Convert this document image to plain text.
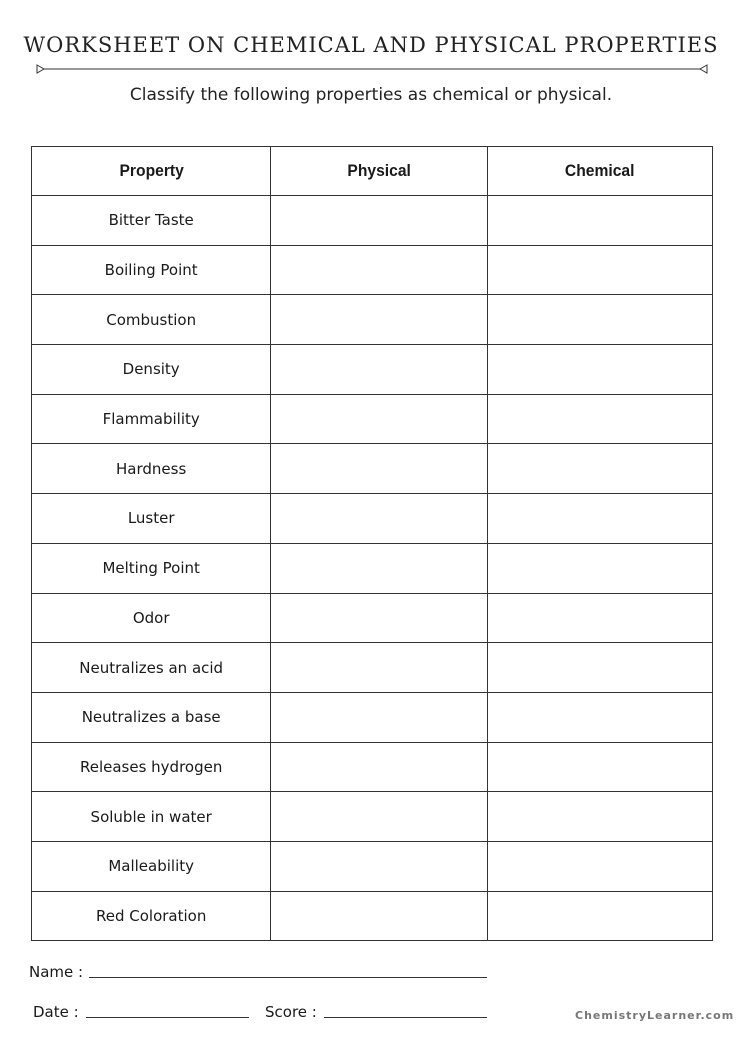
WORKSHEET ON CHEMICAL AND PHYSICAL PROPERTIES
Classify the following properties as chemical or physical.
Property	Physical	Chemical
Bitter Taste		
Boiling Point		
Combustion		
Density		
Flammability		
Hardness		
Luster		
Melting Point		
Odor		
Neutralizes an acid		
Neutralizes a base		
Releases hydrogen		
Soluble in water		
Malleability		
Red Coloration		
Name :
Date :	Score :	ChemistryLearner.com
